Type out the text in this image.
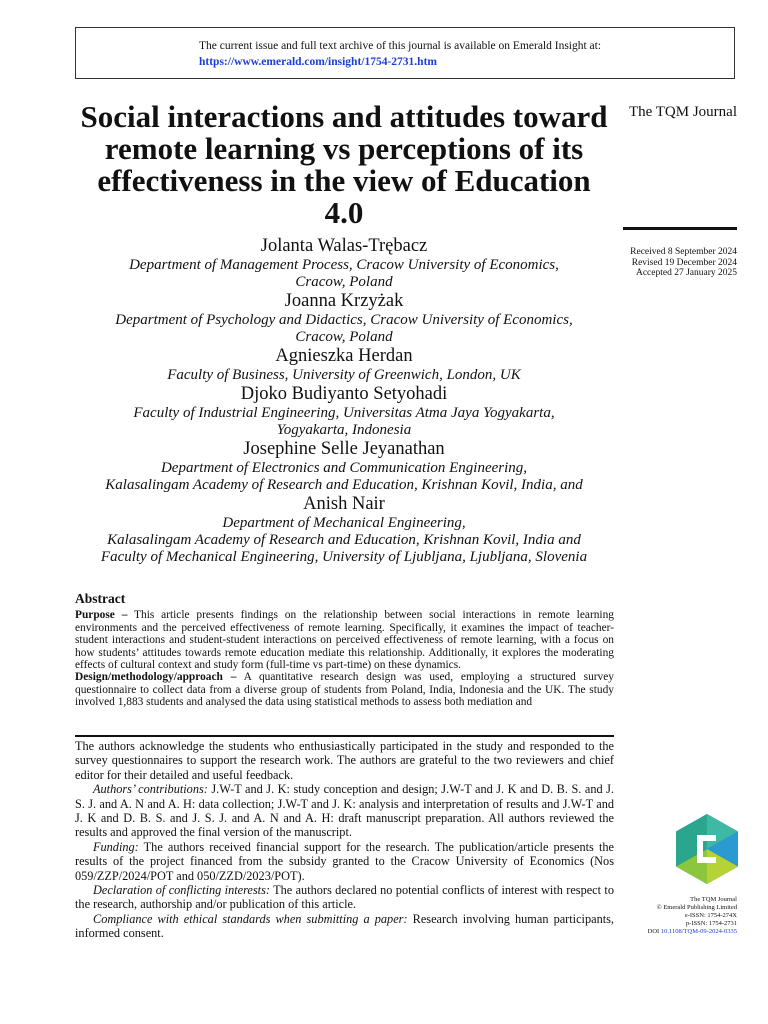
The current issue and full text archive of this journal is available on Emerald Insight at:
https://www.emerald.com/insight/1754-2731.htm
The TQM Journal
Received 8 September 2024
Revised 19 December 2024
Accepted 27 January 2025
Social interactions and attitudes toward remote learning vs perceptions of its effectiveness in the view of Education 4.0
Jolanta Walas-Trębacz
Department of Management Process, Cracow University of Economics,
Cracow, Poland
Joanna Krzyżak
Department of Psychology and Didactics, Cracow University of Economics,
Cracow, Poland
Agnieszka Herdan
Faculty of Business, University of Greenwich, London, UK
Djoko Budiyanto Setyohadi
Faculty of Industrial Engineering, Universitas Atma Jaya Yogyakarta,
Yogyakarta, Indonesia
Josephine Selle Jeyanathan
Department of Electronics and Communication Engineering,
Kalasalingam Academy of Research and Education, Krishnan Kovil, India, and
Anish Nair
Department of Mechanical Engineering,
Kalasalingam Academy of Research and Education, Krishnan Kovil, India and
Faculty of Mechanical Engineering, University of Ljubljana, Ljubljana, Slovenia
Abstract

Purpose – This article presents findings on the relationship between social interactions in remote learning environments and the perceived effectiveness of remote learning. Specifically, it examines the impact of teacher-student interactions and student-student interactions on perceived effectiveness of remote learning, with a focus on how students’ attitudes towards remote education mediate this relationship. Additionally, it explores the moderating effects of cultural context and study form (full-time vs part-time) on these dynamics.

Design/methodology/approach – A quantitative research design was used, employing a structured survey questionnaire to collect data from a diverse group of students from Poland, India, Indonesia and the UK. The study involved 1,883 students and analysed the data using statistical methods to assess both mediation and

The authors acknowledge the students who enthusiastically participated in the study and responded to the survey questionnaires to support the research work. The authors are grateful to the two reviewers and chief editor for their detailed and useful feedback.

Authors’ contributions: J.W-T and J. K: study conception and design; J.W-T and J. K and D. B. S. and J. S. J. and A. N and A. H: data collection; J.W-T and J. K: analysis and interpretation of results and J.W-T and J. K and D. B. S. and J. S. J. and A. N and A. H: draft manuscript preparation. All authors reviewed the results and approved the final version of the manuscript.

Funding: The authors received financial support for the research. The publication/article presents the results of the project financed from the subsidy granted to the Cracow University of Economics (Nos 059/ZZP/2024/POT and 050/ZZD/2023/POT).

Declaration of conflicting interests: The authors declared no potential conflicts of interest with respect to the research, authorship and/or publication of this article.

Compliance with ethical standards when submitting a paper: Research involving human participants, informed consent.

The TQM Journal
© Emerald Publishing Limited
e-ISSN: 1754-274X
p-ISSN: 1754-2731
DOI 10.1108/TQM-09-2024-0335
